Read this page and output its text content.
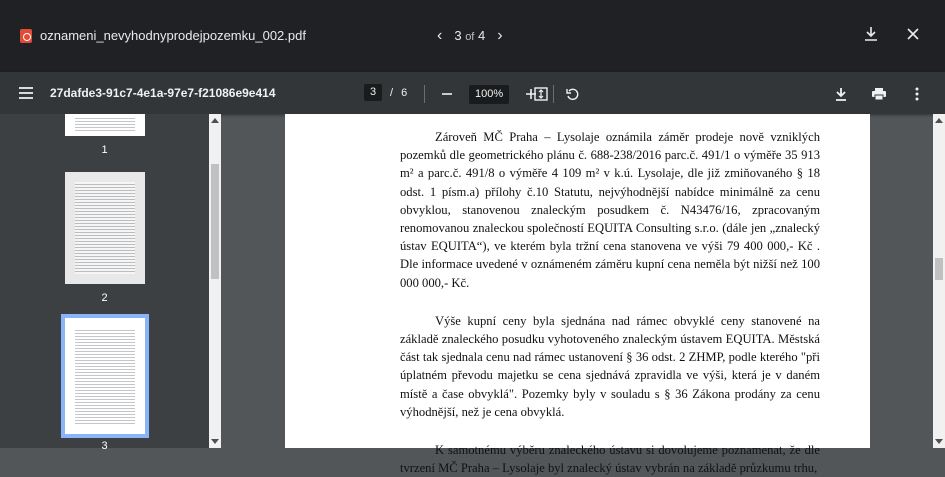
oznameni_nevyhodnyprodejpozemku_002.pdf	‹ 3 of 4 ›
27dafde3-91c7-4e1a-97e7-f21086e9e414	3	/ 6	100%
1
2
3

Zároveň MČ Praha – Lysolaje oznámila záměr prodeje nově vzniklých pozemků dle geometrického plánu č. 688-238/2016 parc.č. 491/1 o výměře 35 913 m² a parc.č. 491/8 o výměře 4 109 m² v k.ú. Lysolaje, dle již zmiňovaného § 18 odst. 1 písm.a) přílohy č.10 Statutu, nejvýhodnější nabídce minimálně za cenu obvyklou, stanovenou znaleckým posudkem č. N43476/16, zpracovaným renomovanou znaleckou společností EQUITA Consulting s.r.o. (dále jen „znalecký ústav EQUITA“), ve kterém byla tržní cena stanovena ve výši 79 400 000,- Kč . Dle informace uvedené v oznámeném záměru kupní cena neměla být nižší než 100 000 000,- Kč.

Výše kupní ceny byla sjednána nad rámec obvyklé ceny stanovené na základě znaleckého posudku vyhotoveného znaleckým ústavem EQUITA. Městská část tak sjednala cenu nad rámec ustanovení § 36 odst. 2 ZHMP, podle kterého "při úplatném převodu majetku se cena sjednává zpravidla ve výši, která je v daném místě a čase obvyklá". Pozemky byly v souladu s § 36 Zákona prodány za cenu výhodnější, než je cena obvyklá.

K samotnému výběru znaleckého ústavu si dovolujeme poznamenat, že dle tvrzení MČ Praha – Lysolaje byl znalecký ústav vybrán na základě průzkumu trhu,
